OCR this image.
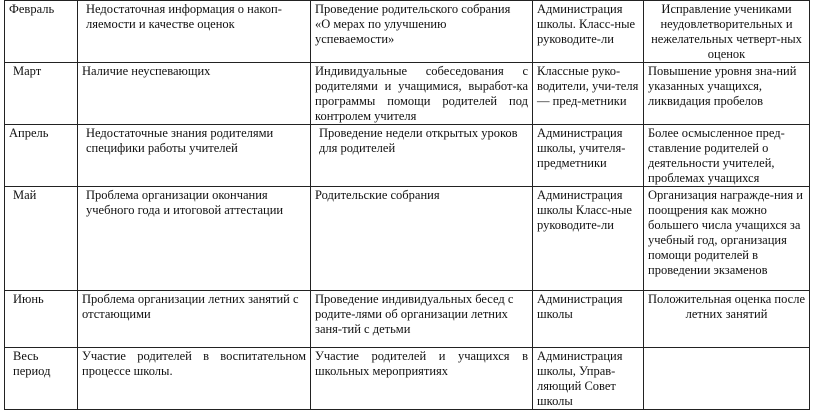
Февраль	Недостаточная информация о накоп-ляемости и качестве оценок	Проведение родительского собрания «О мерах по улучшению успеваемости»	Администрация школы. Класс-ные руководите-ли	Исправление учениками неудовлетворительных и нежелательных четверт-ных оценок
Март	Наличие неуспевающих	Индивидуальные собеседования с родителями и учащимися, выработ-ка программы помощи родителей под контролем учителя	Классные руко-водители, учи-теля — пред-метники	Повышение уровня зна-ний указанных учащихся, ликвидация пробелов
Апрель	Недостаточные знания родителями специфики работы учителей	Проведение недели открытых уроков для родителей	Администрация школы, учителя-предметники	Более осмысленное пред-ставление родителей о деятельности учителей, проблемах учащихся
Май	Проблема организации окончания учебного года и итоговой аттестации	Родительские собрания	Администрация школы Класс-ные руководите-ли	Организация награжде-ния и поощрения как можно большего числа учащихся за учебный год, организация помощи родителей в проведении экзаменов
Июнь	Проблема организации летних занятий с отстающими	Проведение индивидуальных бесед с родите-лями об организации летних заня-тий с детьми	Администрация школы	Положительная оценка после летних занятий
Весь период	Участие родителей в воспитательном процессе школы.	Участие родителей и учащихся в школьных мероприятиях	Администрация школы, Управ-ляющий Совет школы	
